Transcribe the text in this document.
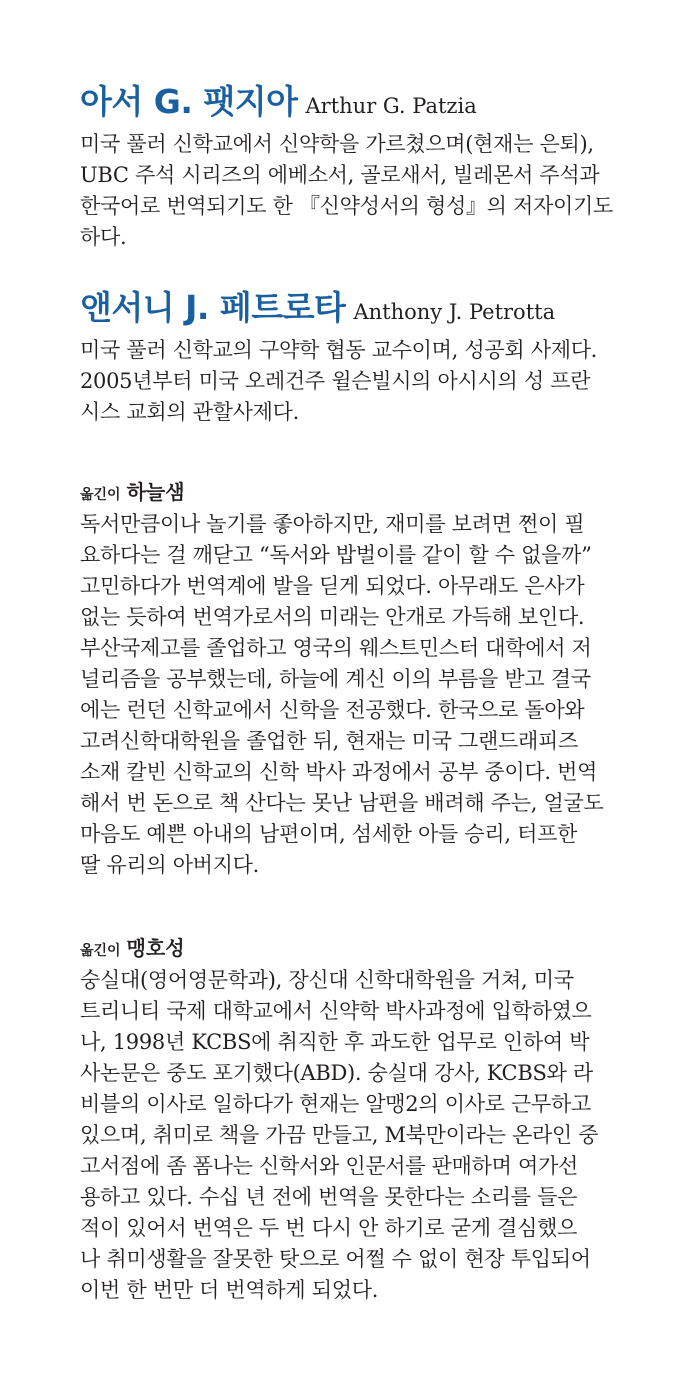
아서 G. 팻지아 Arthur G. Patzia

미국 풀러 신학교에서 신약학을 가르쳤으며(현재는 은퇴),
UBC 주석 시리즈의 에베소서, 골로새서, 빌레몬서 주석과
한국어로 번역되기도 한 『신약성서의 형성』의 저자이기도
하다.

앤서니 J. 페트로타 Anthony J. Petrotta

미국 풀러 신학교의 구약학 협동 교수이며, 성공회 사제다.
2005년부터 미국 오레건주 윌슨빌시의 아시시의 성 프란
시스 교회의 관할사제다.

옮긴이 하늘샘

독서만큼이나 놀기를 좋아하지만, 재미를 보려면 쩐이 필
요하다는 걸 깨닫고 “독서와 밥벌이를 같이 할 수 없을까”
고민하다가 번역계에 발을 딛게 되었다. 아무래도 은사가
없는 듯하여 번역가로서의 미래는 안개로 가득해 보인다.
부산국제고를 졸업하고 영국의 웨스트민스터 대학에서 저
널리즘을 공부했는데, 하늘에 계신 이의 부름을 받고 결국
에는 런던 신학교에서 신학을 전공했다. 한국으로 돌아와
고려신학대학원을 졸업한 뒤, 현재는 미국 그랜드래피즈
소재 칼빈 신학교의 신학 박사 과정에서 공부 중이다. 번역
해서 번 돈으로 책 산다는 못난 남편을 배려해 주는, 얼굴도
마음도 예쁜 아내의 남편이며, 섬세한 아들 승리, 터프한
딸 유리의 아버지다.

옮긴이 맹호성

숭실대(영어영문학과), 장신대 신학대학원을 거쳐, 미국
트리니티 국제 대학교에서 신약학 박사과정에 입학하였으
나, 1998년 KCBS에 취직한 후 과도한 업무로 인하여 박
사논문은 중도 포기했다(ABD). 숭실대 강사, KCBS와 라
비블의 이사로 일하다가 현재는 알맹2의 이사로 근무하고
있으며, 취미로 책을 가끔 만들고, M북만이라는 온라인 중
고서점에 좀 폼나는 신학서와 인문서를 판매하며 여가선
용하고 있다. 수십 년 전에 번역을 못한다는 소리를 들은
적이 있어서 번역은 두 번 다시 안 하기로 굳게 결심했으
나 취미생활을 잘못한 탓으로 어쩔 수 없이 현장 투입되어
이번 한 번만 더 번역하게 되었다.
